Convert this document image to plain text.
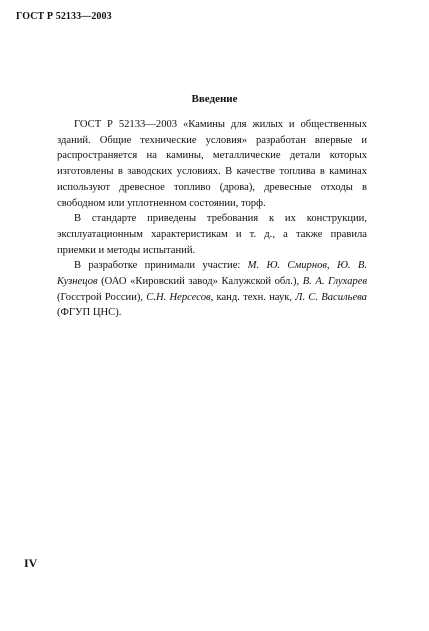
ГОСТ Р 52133—2003
Введение

ГОСТ Р 52133—2003 «Камины для жилых и общественных зданий. Общие технические условия» разработан впервые и распространяется на камины, металлические детали которых изготовлены в заводских условиях. В качестве топлива в каминах используют древесное топливо (дрова), древесные отходы в свободном или уплотненном состоянии, торф.

В стандарте приведены требования к их конструкции, эксплуатационным характеристикам и т. д., а также правила приемки и методы испытаний.

В разработке принимали участие: М. Ю. Смирнов, Ю. В. Кузнецов (ОАО «Кировский завод» Калужской обл.), В. А. Глухарев (Госстрой России), С.Н. Нерсесов, канд. техн. наук, Л. С. Васильева (ФГУП ЦНС).

IV
